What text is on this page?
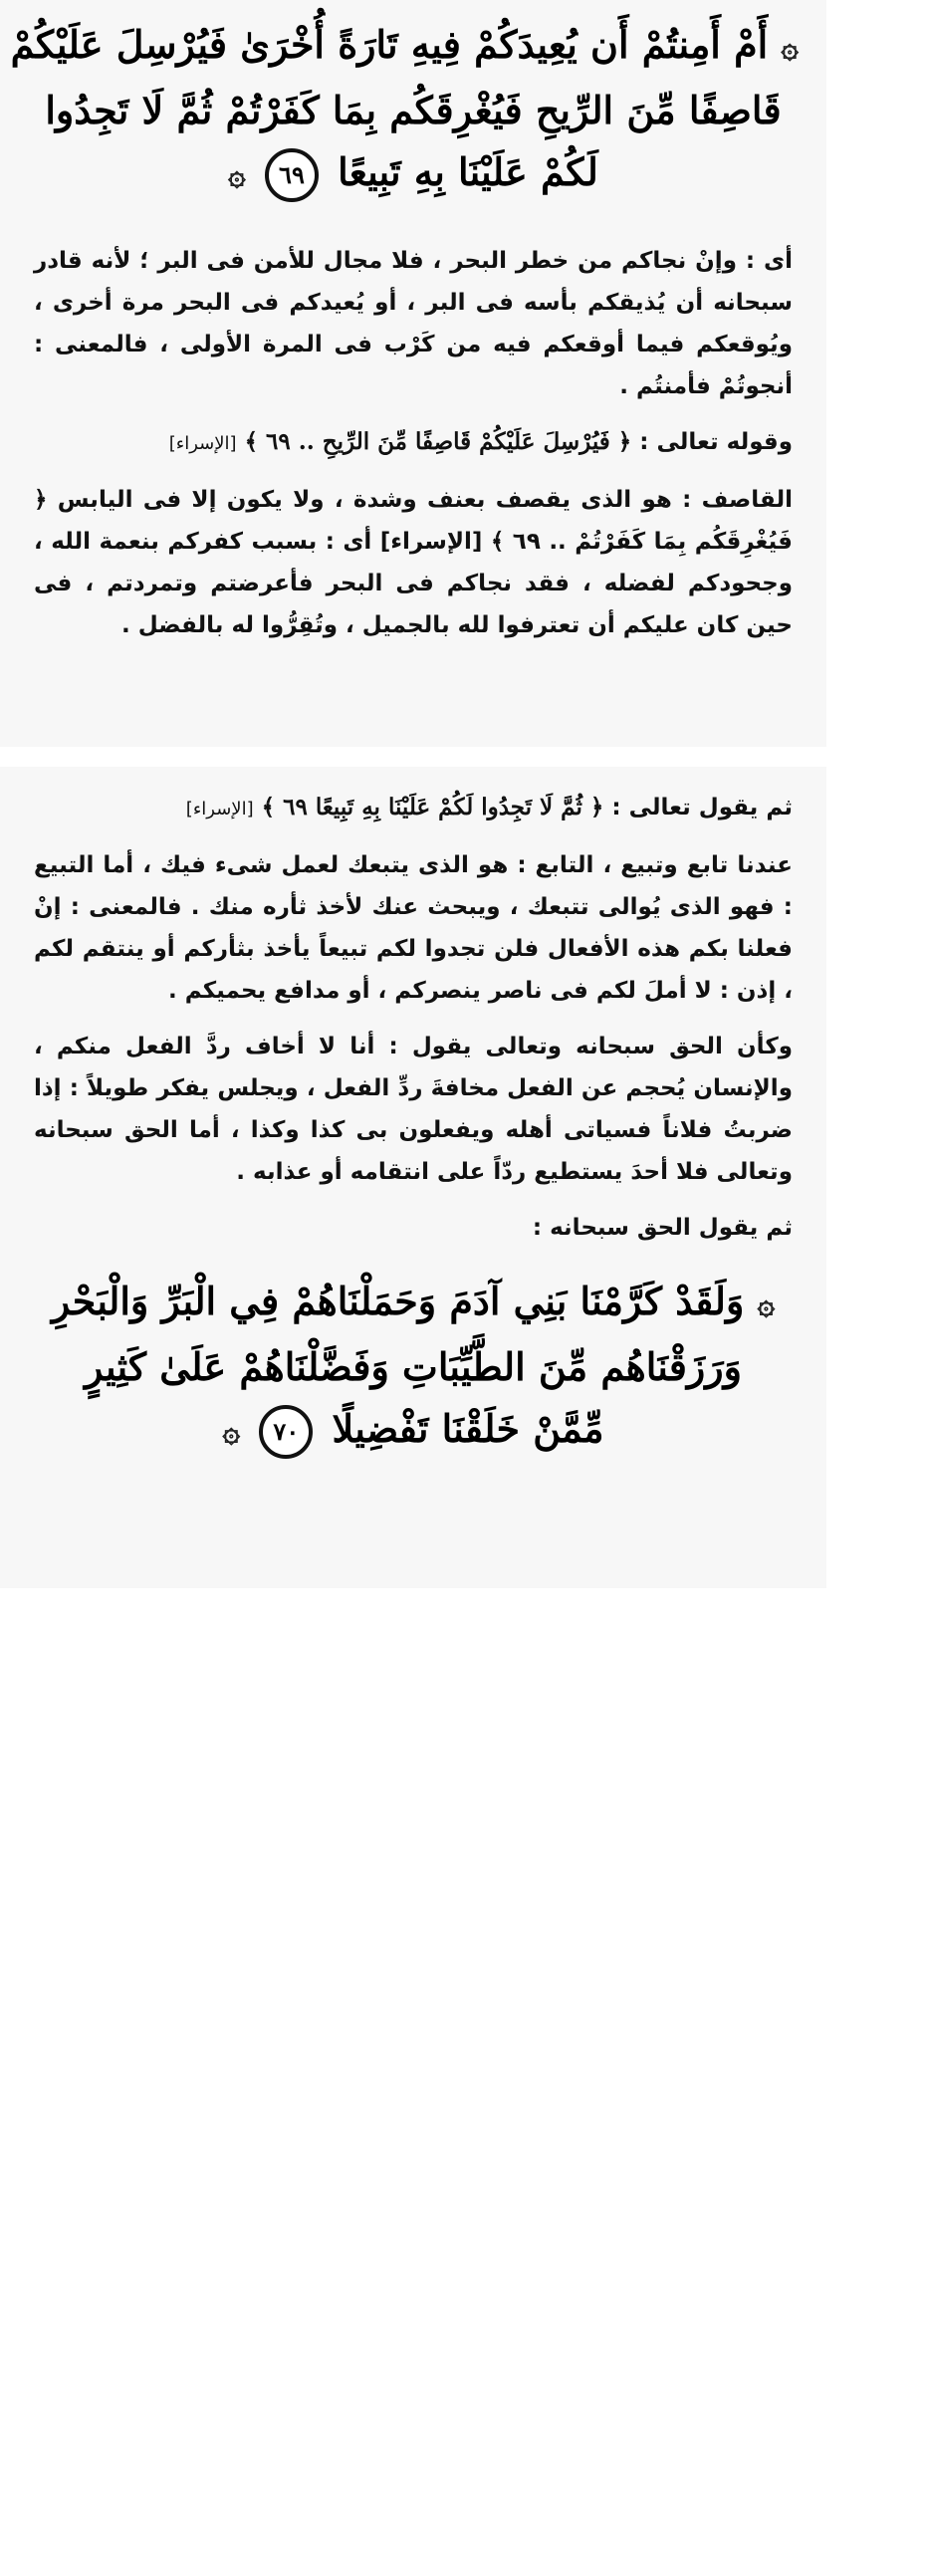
۞ أَمْ أَمِنتُمْ أَن يُعِيدَكُمْ فِيهِ تَارَةً أُخْرَىٰ فَيُرْسِلَ عَلَيْكُمْ
قَاصِفًا مِّنَ الرِّيحِ فَيُغْرِقَكُم بِمَا كَفَرْتُمْ ثُمَّ لَا تَجِدُوا
لَكُمْ عَلَيْنَا بِهِ تَبِيعًا ٦٩ ۞

أى : وإنْ نجاكم من خطر البحر ، فلا مجال للأمن فى البر ؛ لأنه قادر سبحانه أن يُذيقكم بأسه فى البر ، أو يُعيدكم فى البحر مرة أخرى ، ويُوقعكم فيما أوقعكم فيه من كَرْب فى المرة الأولى ، فالمعنى : أنجوتُمْ فأمنتُم .

وقوله تعالى : ﴿ فَيُرْسِلَ عَلَيْكُمْ قَاصِفًا مِّنَ الرِّيحِ .. ٦٩ ﴾ [الإسراء]

القاصف : هو الذى يقصف بعنف وشدة ، ولا يكون إلا فى اليابس ﴿ فَيُغْرِقَكُم بِمَا كَفَرْتُمْ .. ٦٩ ﴾ [الإسراء] أى : بسبب كفركم بنعمة الله ، وجحودكم لفضله ، فقد نجاكم فى البحر فأعرضتم وتمردتم ، فى حين كان عليكم أن تعترفوا لله بالجميل ، وتُقِرُّوا له بالفضل .

ثم يقول تعالى : ﴿ ثُمَّ لَا تَجِدُوا لَكُمْ عَلَيْنَا بِهِ تَبِيعًا ٦٩ ﴾ [الإسراء]

عندنا تابع وتبيع ، التابع : هو الذى يتبعك لعمل شىء فيك ، أما التبيع : فهو الذى يُوالى تتبعك ، ويبحث عنك لأخذ ثأره منك . فالمعنى : إنْ فعلنا بكم هذه الأفعال فلن تجدوا لكم تبيعاً يأخذ بثأركم أو ينتقم لكم ، إذن : لا أملَ لكم فى ناصر ينصركم ، أو مدافع يحميكم .

وكأن الحق سبحانه وتعالى يقول : أنا لا أخاف ردَّ الفعل منكم ، والإنسان يُحجم عن الفعل مخافةَ ردِّ الفعل ، ويجلس يفكر طويلاً : إذا ضربتُ فلاناً فسياتى أهله ويفعلون بى كذا وكذا ، أما الحق سبحانه وتعالى فلا أحدَ يستطيع ردّاً على انتقامه أو عذابه .

ثم يقول الحق سبحانه :

۞ وَلَقَدْ كَرَّمْنَا بَنِي آدَمَ وَحَمَلْنَاهُمْ فِي الْبَرِّ وَالْبَحْرِ
وَرَزَقْنَاهُم مِّنَ الطَّيِّبَاتِ وَفَضَّلْنَاهُمْ عَلَىٰ كَثِيرٍ
مِّمَّنْ خَلَقْنَا تَفْضِيلًا ٧٠ ۞
